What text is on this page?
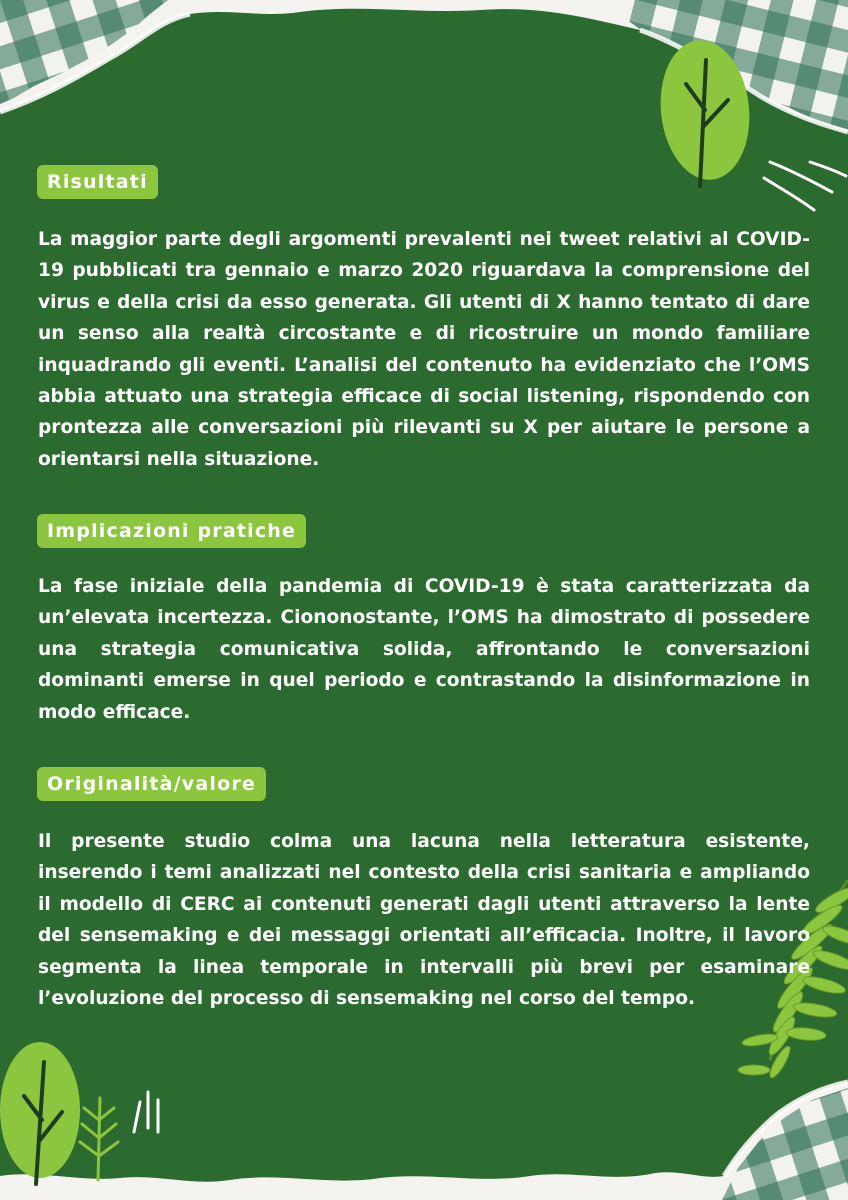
Risultati

La maggior parte degli argomenti prevalenti nei tweet relativi al COVID-19 pubblicati tra gennaio e marzo 2020 riguardava la comprensione del virus e della crisi da esso generata. Gli utenti di X hanno tentato di dare un senso alla realtà circostante e di ricostruire un mondo familiare inquadrando gli eventi. L’analisi del contenuto ha evidenziato che l’OMS abbia attuato una strategia efficace di social listening, rispondendo con prontezza alle conversazioni più rilevanti su X per aiutare le persone a orientarsi nella situazione.

Implicazioni pratiche

La fase iniziale della pandemia di COVID-19 è stata caratterizzata da un’elevata incertezza. Ciononostante, l’OMS ha dimostrato di possedere una strategia comunicativa solida, affrontando le conversazioni dominanti emerse in quel periodo e contrastando la disinformazione in modo efficace.

Originalità/valore

Il presente studio colma una lacuna nella letteratura esistente, inserendo i temi analizzati nel contesto della crisi sanitaria e ampliando il modello di CERC ai contenuti generati dagli utenti attraverso la lente del sensemaking e dei messaggi orientati all’efficacia. Inoltre, il lavoro segmenta la linea temporale in intervalli più brevi per esaminare l’evoluzione del processo di sensemaking nel corso del tempo.
